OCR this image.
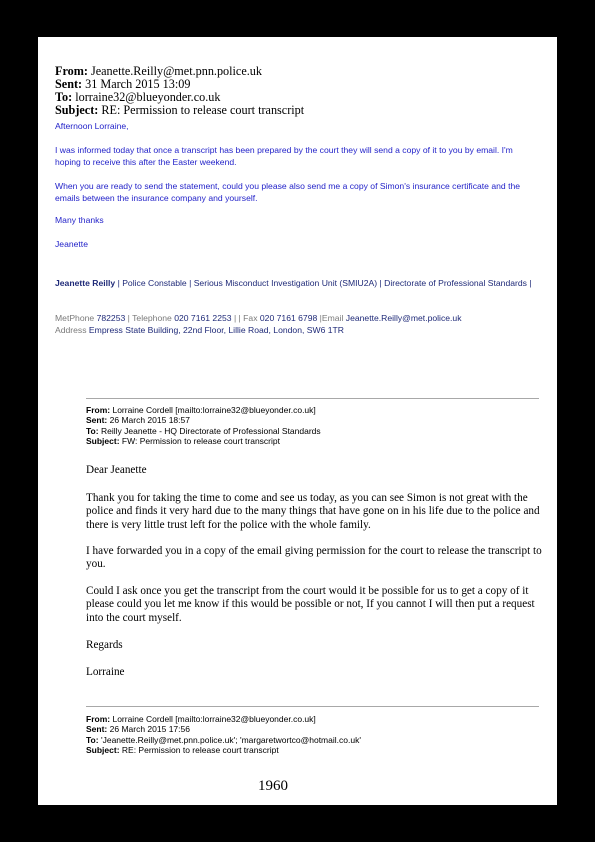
From: Jeanette.Reilly@met.pnn.police.uk
Sent: 31 March 2015 13:09
To: lorraine32@blueyonder.co.uk
Subject: RE: Permission to release court transcript
Afternoon Lorraine,
I was informed today that once a transcript has been prepared by the court they will send a copy of it to you by email. I'm hoping to receive this after the Easter weekend.
When you are ready to send the statement, could you please also send me a copy of Simon's insurance certificate and the emails between the insurance company and yourself.
Many thanks
Jeanette
Jeanette Reilly | Police Constable | Serious Misconduct Investigation Unit (SMIU2A) | Directorate of Professional Standards |
MetPhone 782253 | Telephone 020 7161 2253 | | Fax 020 7161 6798 |Email Jeanette.Reilly@met.police.uk
Address Empress State Building, 22nd Floor, Lillie Road, London, SW6 1TR
From: Lorraine Cordell [mailto:lorraine32@blueyonder.co.uk]
Sent: 26 March 2015 18:57
To: Reilly Jeanette - HQ Directorate of Professional Standards
Subject: FW: Permission to release court transcript
Dear Jeanette
Thank you for taking the time to come and see us today, as you can see Simon is not great with the police and finds it very hard due to the many things that have gone on in his life due to the police and there is very little trust left for the police with the whole family.
I have forwarded you in a copy of the email giving permission for the court to release the transcript to you.
Could I ask once you get the transcript from the court would it be possible for us to get a copy of it please could you let me know if this would be possible or not, If you cannot I will then put a request into the court myself.
Regards
Lorraine
From: Lorraine Cordell [mailto:lorraine32@blueyonder.co.uk]
Sent: 26 March 2015 17:56
To: 'Jeanette.Reilly@met.pnn.police.uk'; 'margaretwortco@hotmail.co.uk'
Subject: RE: Permission to release court transcript
1960
